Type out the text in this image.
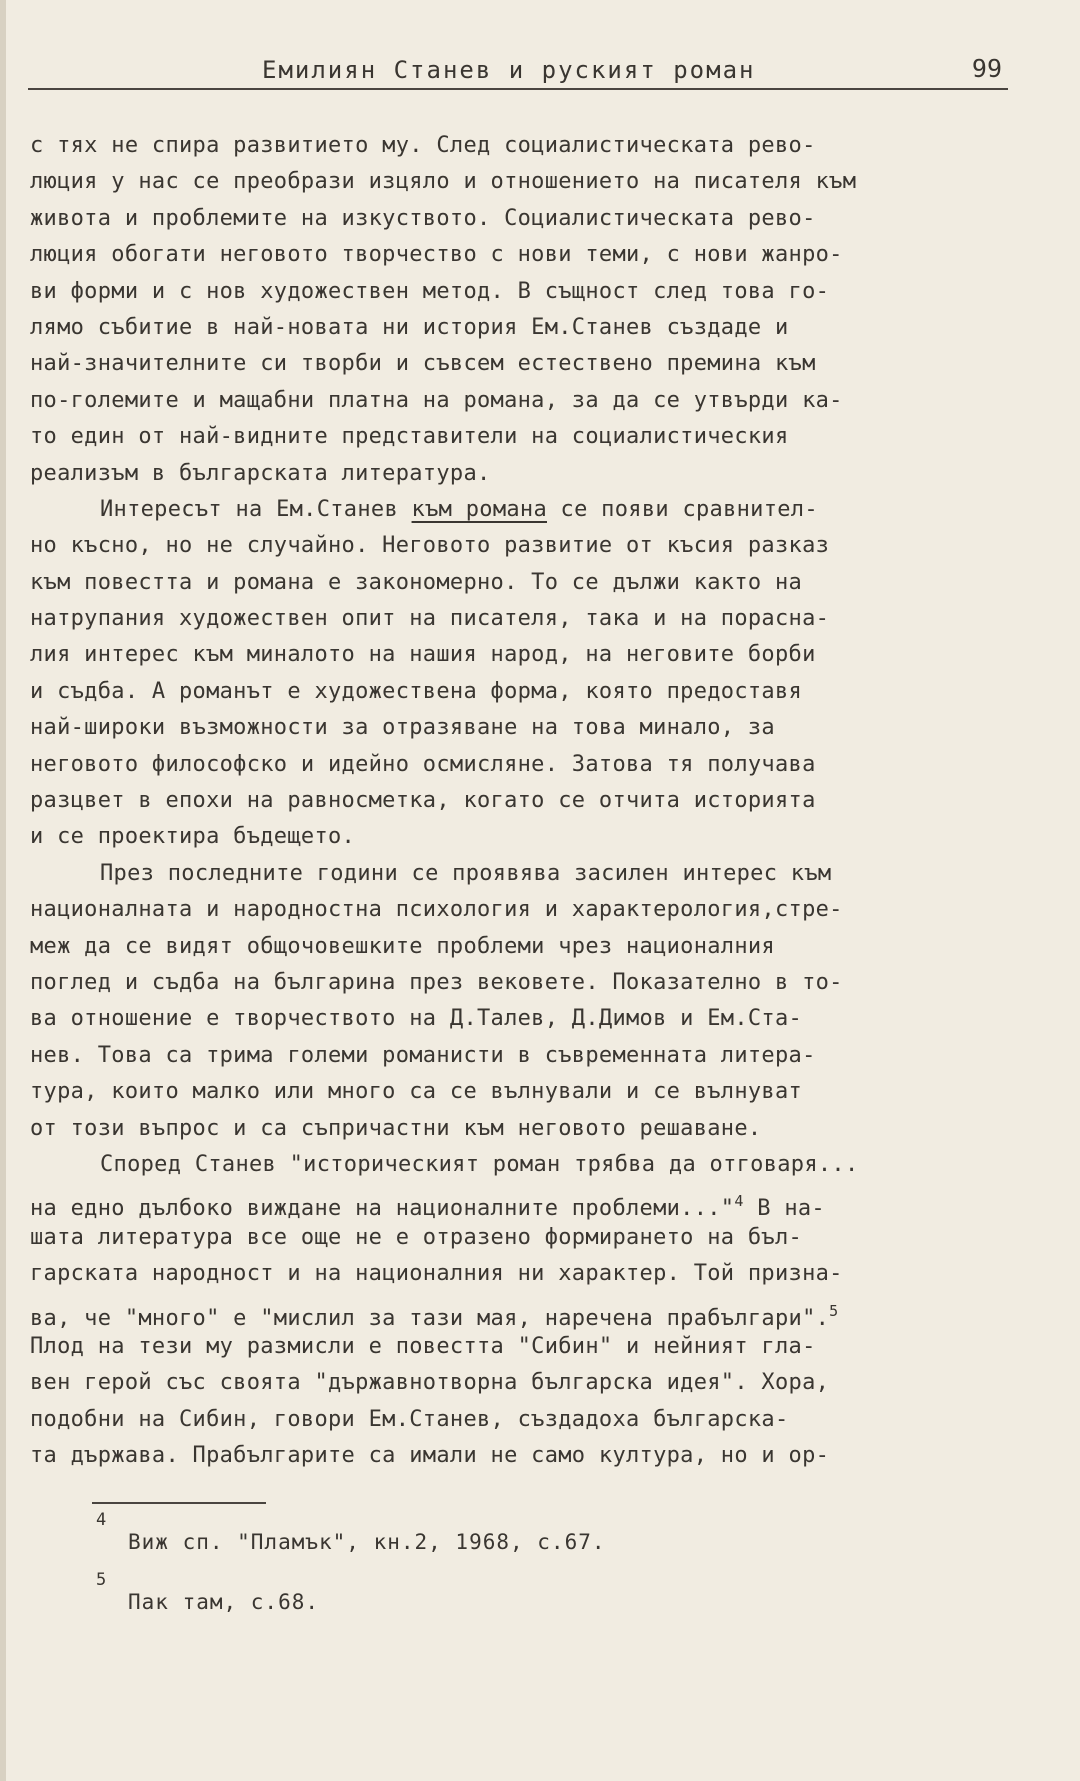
Емилиян Станев и руският роман	99
с тях не спира развитието му. След социалистическата рево-
люция у нас се преобрази изцяло и отношението на писателя към
живота и проблемите на изкуството. Социалистическата рево-
люция обогати неговото творчество с нови теми, с нови жанро-
ви форми и с нов художествен метод. В същност след това го-
лямо събитие в най-новата ни история Ем.Станев създаде и
най-значителните си творби и съвсем естествено премина към
по-големите и мащабни платна на романа, за да се утвърди ка-
то един от най-видните представители на социалистическия
реализъм в българската литература.
Интересът на Ем.Станев към романа се появи сравнител-
но късно, но не случайно. Неговото развитие от късия разказ
към повестта и романа е закономерно. То се дължи както на
натрупания художествен опит на писателя, така и на порасна-
лия интерес към миналото на нашия народ, на неговите борби
и съдба. А романът е художествена форма, която предоставя
най-широки възможности за отразяване на това минало, за
неговото философско и идейно осмисляне. Затова тя получава
разцвет в епохи на равносметка, когато се отчита историята
и се проектира бъдещето.
През последните години се проявява засилен интерес към
националната и народностна психология и характерология,стре-
меж да се видят общочовешките проблеми чрез националния
поглед и съдба на българина през вековете. Показателно в то-
ва отношение е творчеството на Д.Талев, Д.Димов и Ем.Ста-
нев. Това са трима големи романисти в съвременната литера-
тура, които малко или много са се вълнували и се вълнуват
от този въпрос и са съпричастни към неговото решаване.
Според Станев "историческият роман трябва да отговаря...
на едно дълбоко виждане на националните проблеми..."$^4$ В на-
шата литература все още не е отразено формирането на бъл-
гарската народност и на националния ни характер. Той призна-
ва, че "много" е "мислил за тази мая, наречена прабългари".$^5$
Плод на тези му размисли е повестта "Сибин" и нейният гла-
вен герой със своята "държавнотворна българска идея". Хора,
подобни на Сибин, говори Ем.Станев, създадоха българска-
та държава. Прабългарите са имали не само култура, но и ор-
4
Виж сп. "Пламък", кн.2, 1968, с.67.
5
Пак там, с.68.
